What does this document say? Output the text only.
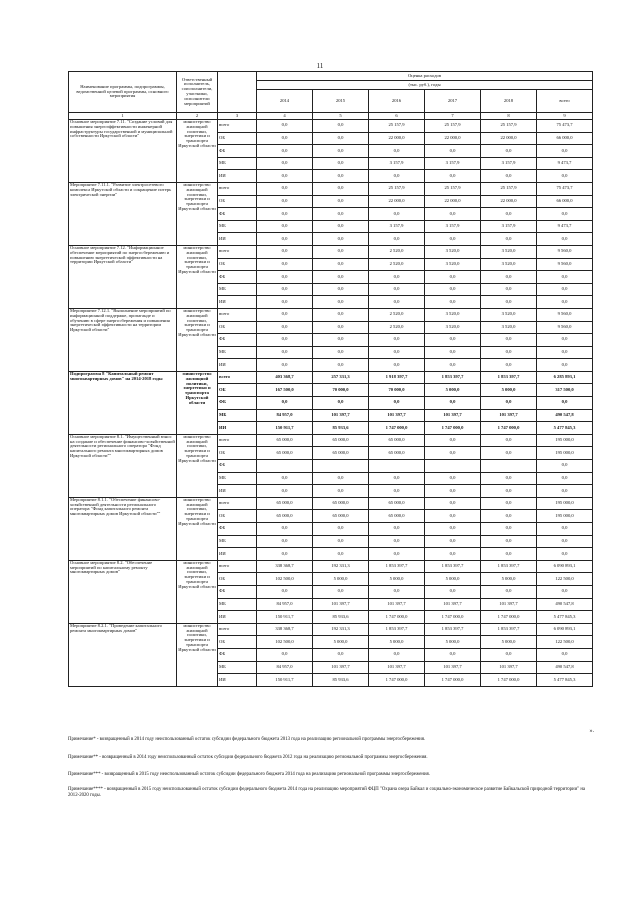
11
Наименование программы, подпрограммы, ведомственной целевой программы, основного мероприятия	Ответственный исполнитель, соисполнители, участники, исполнители мероприятий		Оценка расходов					
			(тыс. руб.), годы					
			2014	2015	2016	2017	2018	всего
1	2	3	4	5	6	7	8	9
Основное мероприятие 7.11. "Создание условий для повышения энергоэффективности инженерной инфраструктуры государственной и муниципальной собственности Иркутской области"	министерство жилищной политики, энергетики и транспорта Иркутской области	всего	0,0	0,0	25 157,9	25 157,9	25 157,9	75 473,7
		ОБ	0,0	0,0	22 000,0	22 000,0	22 000,0	66 000,0
		ФБ	0,0	0,0	0,0	0,0	0,0	0,0
		МБ	0,0	0,0	3 157,9	3 157,9	3 157,9	9 473,7
		ИИ	0,0	0,0	0,0	0,0	0,0	0,0
Мероприятие 7.11.1. "Развитие электросетевого комплекса Иркутской области и сокращение потерь электрической энергии"	министерство жилищной политики, энергетики и транспорта Иркутской области	всего	0,0	0,0	25 157,9	25 157,9	25 157,9	75 473,7
		ОБ	0,0	0,0	22 000,0	22 000,0	22 000,0	66 000,0
		ФБ	0,0	0,0	0,0	0,0	0,0	0,0
		МБ	0,0	0,0	3 157,9	3 157,9	3 157,9	9 473,7
		ИИ	0,0	0,0	0,0	0,0	0,0	0,0
Основное мероприятие 7.12. "Информационное обеспечение мероприятий по энергосбережению и повышению энергетической эффективности на территории Иркутской области"	министерство жилищной политики, энергетики и транспорта Иркутской области	всего	0,0	0,0	2 520,0	3 520,0	3 520,0	9 560,0
		ОБ	0,0	0,0	2 520,0	3 520,0	3 520,0	9 560,0
		ФБ	0,0	0,0	0,0	0,0	0,0	0,0
		МБ	0,0	0,0	0,0	0,0	0,0	0,0
		ИИ	0,0	0,0	0,0	0,0	0,0	0,0
Мероприятие 7.12.1. "Выполнение мероприятий по информационной поддержке, пропаганде и обучению в сфере энергосбережения и повышения энергетической эффективности на территории Иркутской области"	министерство жилищной политики, энергетики и транспорта Иркутской области	всего	0,0	0,0	2 520,0	3 520,0	3 520,0	9 560,0
		ОБ	0,0	0,0	2 520,0	3 520,0	3 520,0	9 560,0
		ФБ	0,0	0,0	0,0	0,0	0,0	0,0
		МБ	0,0	0,0	0,0	0,0	0,0	0,0
		ИИ	0,0	0,0	0,0	0,0	0,0	0,0
Подпрограмма 8 "Капитальный ремонт многоквартирных домов" на 2014-2018 годы	министерство жилищной политики, энергетики и транспорта Иркутской области	всего	403 368,7	257 331,3	1 918 397,7	1 853 397,7	1 853 397,7	6 285 893,1
		ОБ	167 500,0	70 000,0	70 000,0	5 000,0	5 000,0	317 500,0
		ФБ	0,0	0,0	0,0	0,0	0,0	0,0
		МБ	84 957,0	101 397,7	101 397,7	101 397,7	101 397,7	490 547,8
		ИИ	150 911,7	85 933,6	1 747 000,0	1 747 000,0	1 747 000,0	5 477 845,3
Основное мероприятие 8.1. "Имущественный взнос на создание и обеспечение финансово-хозяйственной деятельности регионального оператора "Фонд капитального ремонта многоквартирных домов Иркутской области""	министерство жилищной политики, энергетики и транспорта Иркутской области	всего	65 000,0	65 000,0	65 000,0	0,0	0,0	195 000,0
		ОБ	65 000,0	65 000,0	65 000,0	0,0	0,0	195 000,0
		ФБ						0,0
		МБ	0,0	0,0	0,0	0,0	0,0	0,0
		ИИ	0,0	0,0	0,0	0,0	0,0	0,0
Мероприятие 8.1.1. "Обеспечение финансово-хозяйственной деятельности регионального оператора "Фонд капитального ремонта многоквартирных домов Иркутской области""	министерство жилищной политики, энергетики и транспорта Иркутской области	всего	65 000,0	65 000,0	65 000,0	0,0	0,0	195 000,0
		ОБ	65 000,0	65 000,0	65 000,0	0,0	0,0	195 000,0
		ФБ	0,0	0,0	0,0	0,0	0,0	0,0
		МБ	0,0	0,0	0,0	0,0	0,0	0,0
		ИИ	0,0	0,0	0,0	0,0	0,0	0,0
Основное мероприятие 8.2. "Обеспечение мероприятий по капитальному ремонту многоквартирных домов"	министерство жилищной политики, энергетики и транспорта Иркутской области	всего	338 368,7	192 331,3	1 853 397,7	1 853 397,7	1 853 397,7	6 090 893,1
		ОБ	102 500,0	5 000,0	5 000,0	5 000,0	5 000,0	122 500,0
		ФБ	0,0	0,0	0,0	0,0	0,0	0,0
		МБ	84 957,0	101 397,7	101 397,7	101 397,7	101 397,7	490 547,8
		ИИ	150 911,7	85 933,6	1 747 000,0	1 747 000,0	1 747 000,0	5 477 845,3
Мероприятие 8.2.1. "Проведение капитального ремонта многоквартирных домов"	министерство жилищной политики, энергетики и транспорта Иркутской области	всего	338 368,7	192 331,3	1 853 397,7	1 853 397,7	1 853 397,7	6 090 893,1
		ОБ	102 500,0	5 000,0	5 000,0	5 000,0	5 000,0	122 500,0
		ФБ	0,0	0,0	0,0	0,0	0,0	0,0
		МБ	84 957,0	101 397,7	101 397,7	101 397,7	101 397,7	490 547,8
		ИИ	150 911,7	85 933,6	1 747 000,0	1 747 000,0	1 747 000,0	5 477 845,3
».
Примечание* - возвращенный в 2014 году неиспользованный остаток субсидии федерального бюджета 2013 года на реализацию региональной программы энергосбережения.
Примечание** - возвращенный в 2014 году неиспользованный остаток субсидии федерального бюджета 2012 года на реализацию региональной программы энергосбережения.
Примечание*** - возвращенный в 2015 году неиспользованный остаток субсидии федерального бюджета 2014 года на реализацию региональной программы энергосбережения.
Примечание**** - возвращенный в 2015 году неиспользованный остаток субсидии федерального бюджета 2014 года на реализацию мероприятий ФЦП "Охрана озера Байкал и социально-экономическое развитие Байкальской природной территории" на 2012-2020 годы.
